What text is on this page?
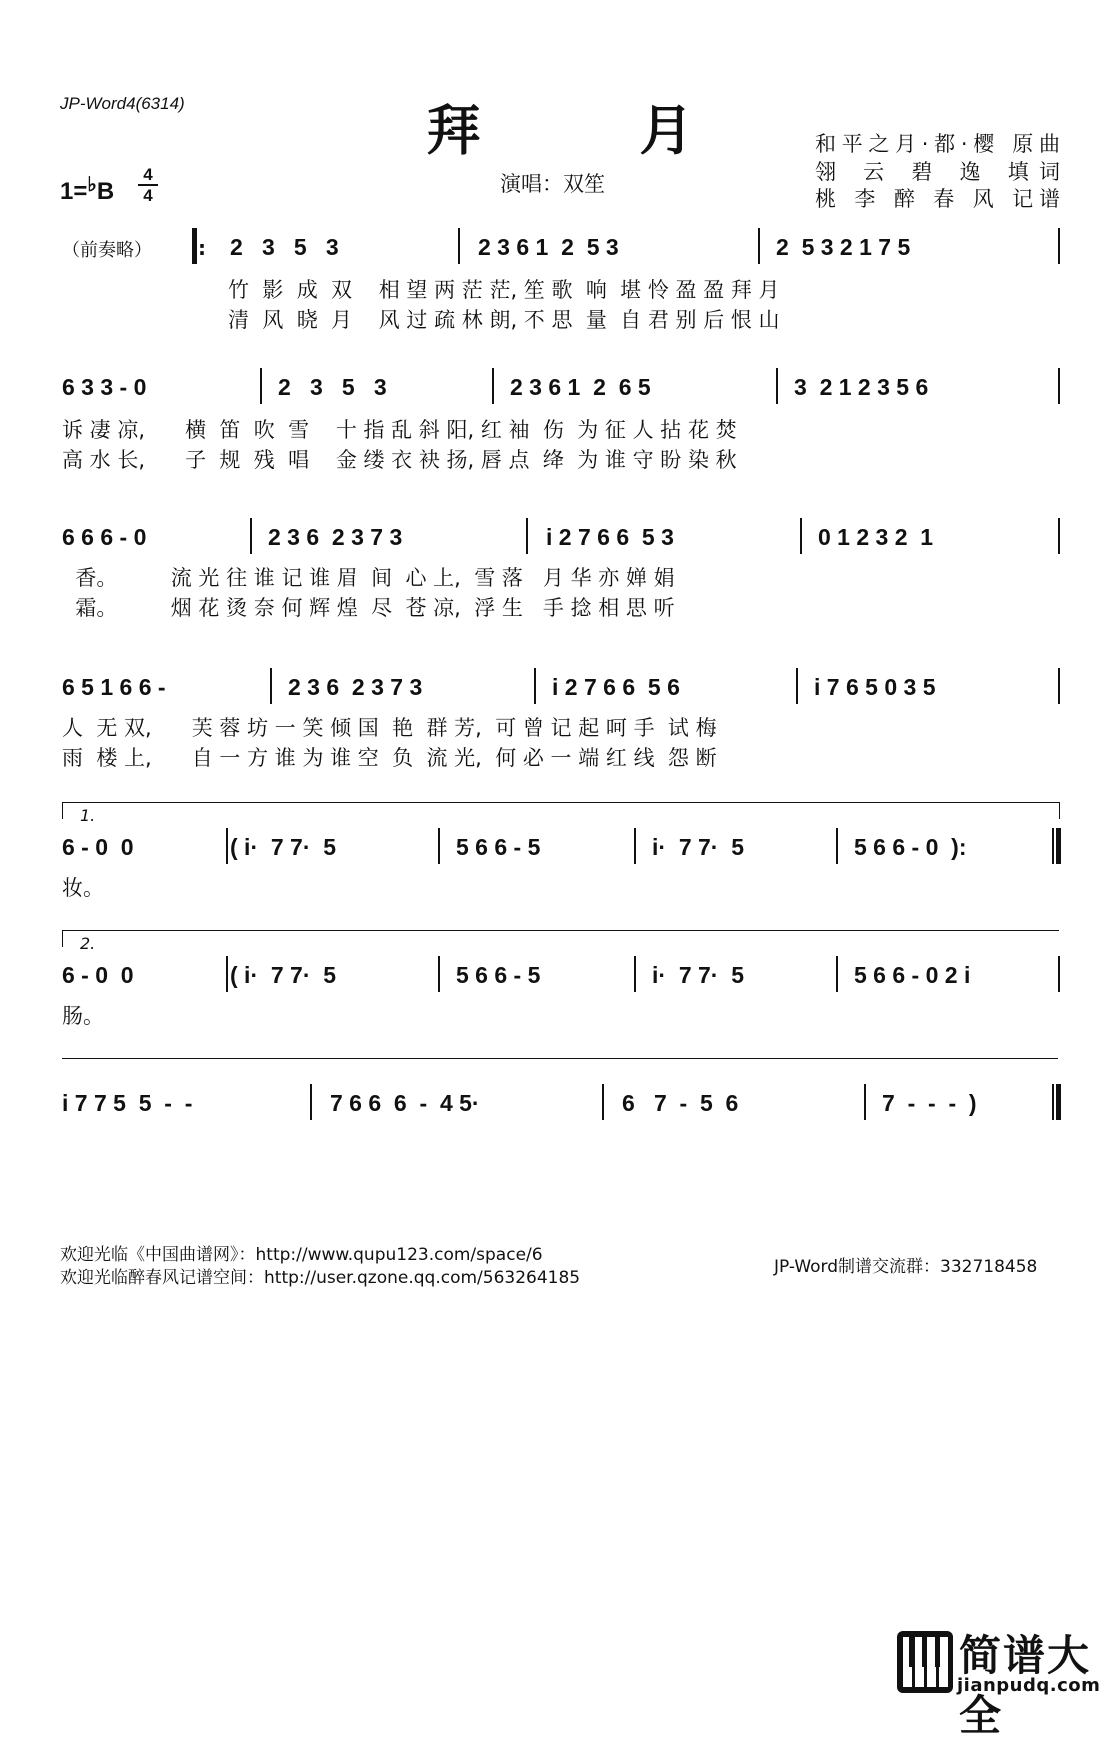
JP-Word4(6314)	拜 月
1=♭B
4
4	演唱：双笙
和平之月·都·樱 原曲
翎 云 碧 逸 填词
桃 李 醉 春 风 记谱
（前奏略） : 2   3   5   3	2 3 6 1  2  5 3	2  5 3 2 1 7 5
竹  影  成  双    相 望 两 茫 茫, 笙 歌  响  堪 怜 盈 盈 拜 月
清  风  晓  月    风 过 疏 林 朗, 不 思  量  自 君 别 后 恨 山
6 3 3 - 0	2   3   5   3	2 3 6 1  2  6 5	3  2 1 2 3 5 6
诉 凄 凉,      横  笛  吹  雪    十 指 乱 斜 阳, 红 袖  伤  为 征 人 拈 花 焚
高 水 长,      子  规  残  唱    金 缕 衣 袂 扬, 唇 点  绛  为 谁 守 盼 染 秋
6 6 6 - 0	2 3 6  2 3 7 3	i 2 7 6 6  5 3	0 1 2 3 2  1
香。        流 光 往 谁 记 谁 眉  间  心 上,  雪 落   月 华 亦 婵 娟
霜。        烟 花 烫 奈 何 辉 煌  尽  苍 凉,  浮 生   手 捻 相 思 听
6 5 1 6 6 -	2 3 6  2 3 7 3	i 2 7 6 6  5 6	i 7 6 5 0 3 5
人  无 双,      芙 蓉 坊 一 笑 倾 国  艳  群 芳,  可 曾 记 起 呵 手  试 梅
雨  楼 上,      自 一 方 谁 为 谁 空  负  流 光,  何 必 一 端 红 线  怨 断
1.
6 - 0  0	( i·  7 7·  5	5 6 6 - 5	i·  7 7·  5	5 6 6 - 0  ):
妆。
2.
6 - 0  0	( i·  7 7·  5	5 6 6 - 5	i·  7 7·  5	5 6 6 - 0 2 i
肠。
i 7 7 5  5  -  -	7 6 6  6  -  4 5·	6   7  -  5  6	7  -  -  -  )
欢迎光临《中国曲谱网》：http://www.qupu123.com/space/6
欢迎光临醉春风记谱空间：http://user.qzone.qq.com/563264185
JP-Word制谱交流群：332718458
简谱大全
jianpudq.com
